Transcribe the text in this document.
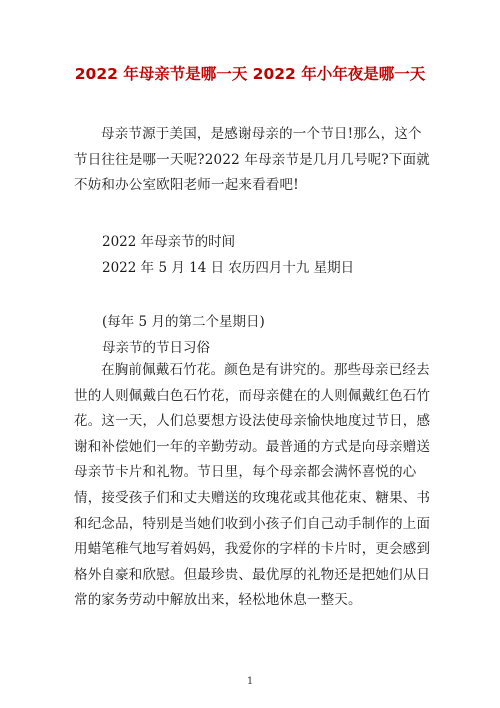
2022 年母亲节是哪一天 2022 年小年夜是哪一天

母亲节源于美国，是感谢母亲的一个节日!那么，这个节日往往是哪一天呢?2022 年母亲节是几月几号呢?下面就不妨和办公室欧阳老师一起来看看吧!

2022 年母亲节的时间
2022 年 5 月 14 日 农历四月十九 星期日
(每年 5 月的第二个星期日)
母亲节的节日习俗

在胸前佩戴石竹花。颜色是有讲究的。那些母亲已经去世的人则佩戴白色石竹花，而母亲健在的人则佩戴红色石竹花。这一天，人们总要想方设法使母亲愉快地度过节日，感谢和补偿她们一年的辛勤劳动。最普通的方式是向母亲赠送母亲节卡片和礼物。节日里，每个母亲都会满怀喜悦的心情，接受孩子们和丈夫赠送的玫瑰花或其他花束、糖果、书和纪念品，特别是当她们收到小孩子们自己动手制作的上面用蜡笔稚气地写着妈妈，我爱你的字样的卡片时，更会感到格外自豪和欣慰。但最珍贵、最优厚的礼物还是把她们从日常的家务劳动中解放出来，轻松地休息一整天。

1
